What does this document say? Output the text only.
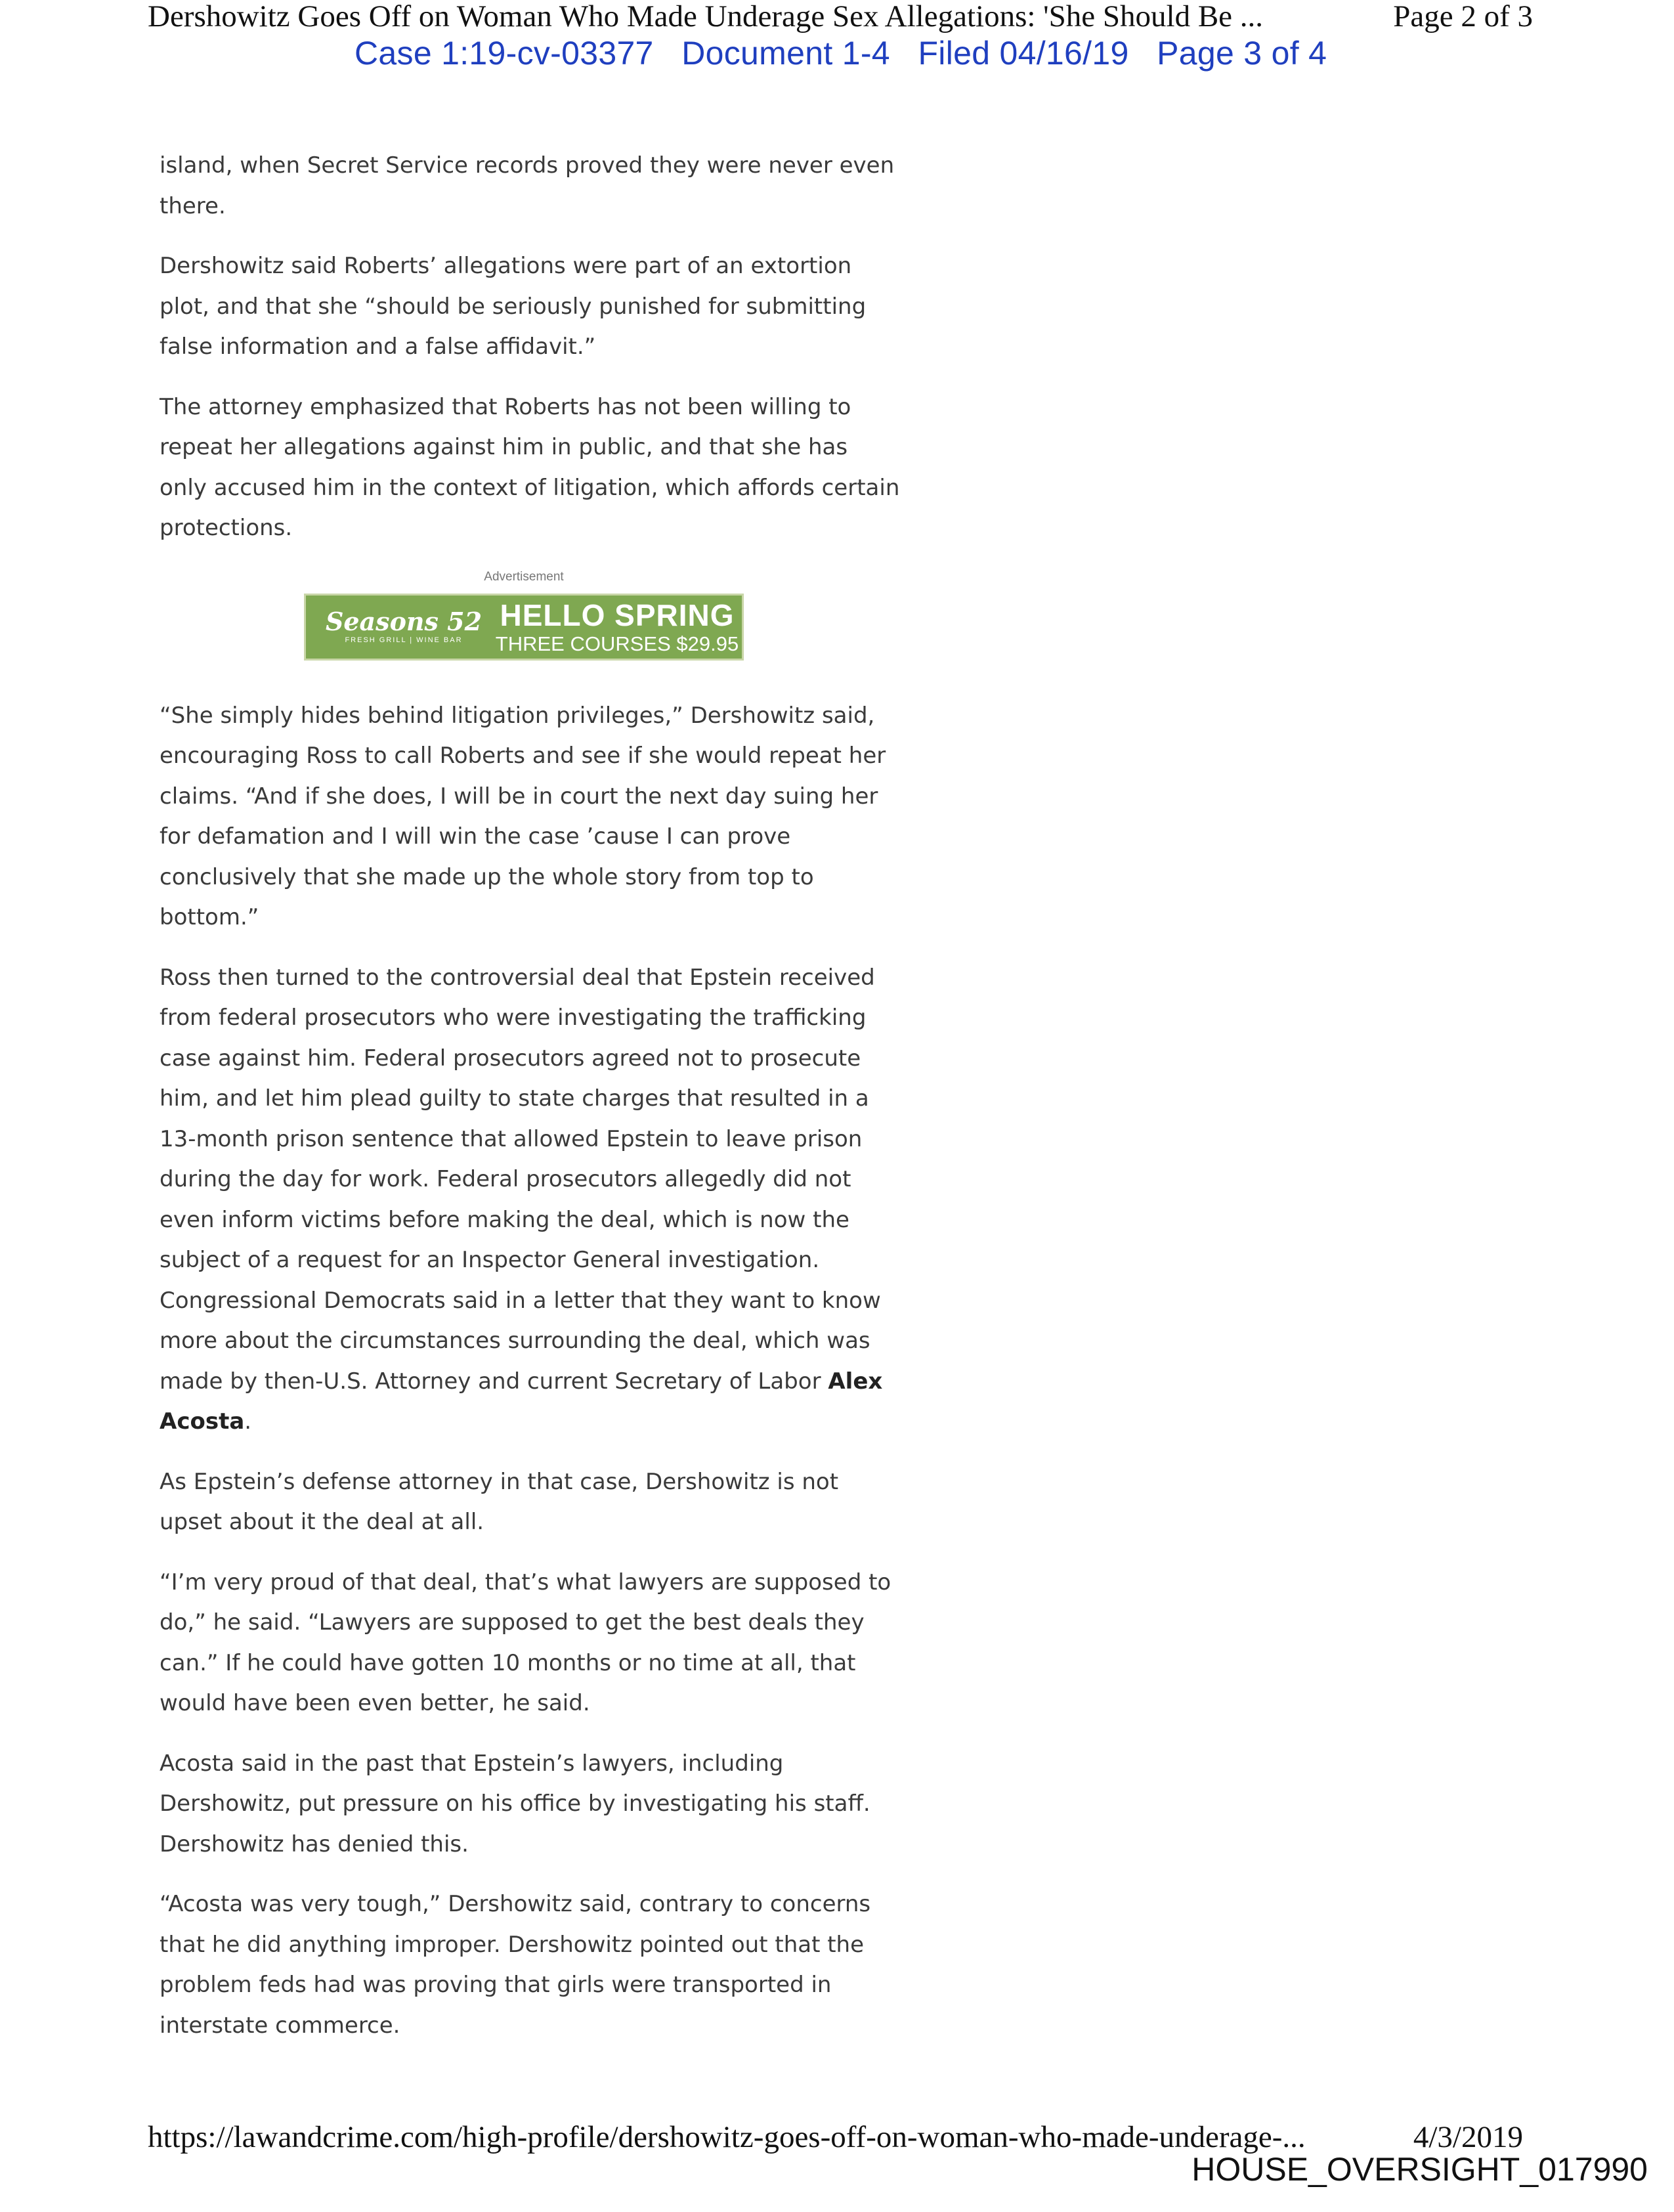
Dershowitz Goes Off on Woman Who Made Underage Sex Allegations: 'She Should Be ...	Page 2 of 3
Case 1:19-cv-03377   Document 1-4   Filed 04/16/19   Page 3 of 4

island, when Secret Service records proved they were never even there.

Dershowitz said Roberts’ allegations were part of an extortion plot, and that she “should be seriously punished for submitting false information and a false affidavit.”

The attorney emphasized that Roberts has not been willing to repeat her allegations against him in public, and that she has only accused him in the context of litigation, which affords certain protections.

Advertisement
Seasons 52
FRESH GRILL | WINE BAR
HELLO SPRING
THREE COURSES $29.95

“She simply hides behind litigation privileges,” Dershowitz said, encouraging Ross to call Roberts and see if she would repeat her claims. “And if she does, I will be in court the next day suing her for defamation and I will win the case ’cause I can prove conclusively that she made up the whole story from top to bottom.”

Ross then turned to the controversial deal that Epstein received from federal prosecutors who were investigating the trafficking case against him. Federal prosecutors agreed not to prosecute him, and let him plead guilty to state charges that resulted in a 13-month prison sentence that allowed Epstein to leave prison during the day for work. Federal prosecutors allegedly did not even inform victims before making the deal, which is now the subject of a request for an Inspector General investigation. Congressional Democrats said in a letter that they want to know more about the circumstances surrounding the deal, which was made by then-U.S. Attorney and current Secretary of Labor Alex Acosta.

As Epstein’s defense attorney in that case, Dershowitz is not upset about it the deal at all.

“I’m very proud of that deal, that’s what lawyers are supposed to do,” he said. “Lawyers are supposed to get the best deals they can.” If he could have gotten 10 months or no time at all, that would have been even better, he said.

Acosta said in the past that Epstein’s lawyers, including Dershowitz, put pressure on his office by investigating his staff. Dershowitz has denied this.

“Acosta was very tough,” Dershowitz said, contrary to concerns that he did anything improper. Dershowitz pointed out that the problem feds had was proving that girls were transported in interstate commerce.

https://lawandcrime.com/high-profile/dershowitz-goes-off-on-woman-who-made-underage-...	4/3/2019
HOUSE_OVERSIGHT_017990
